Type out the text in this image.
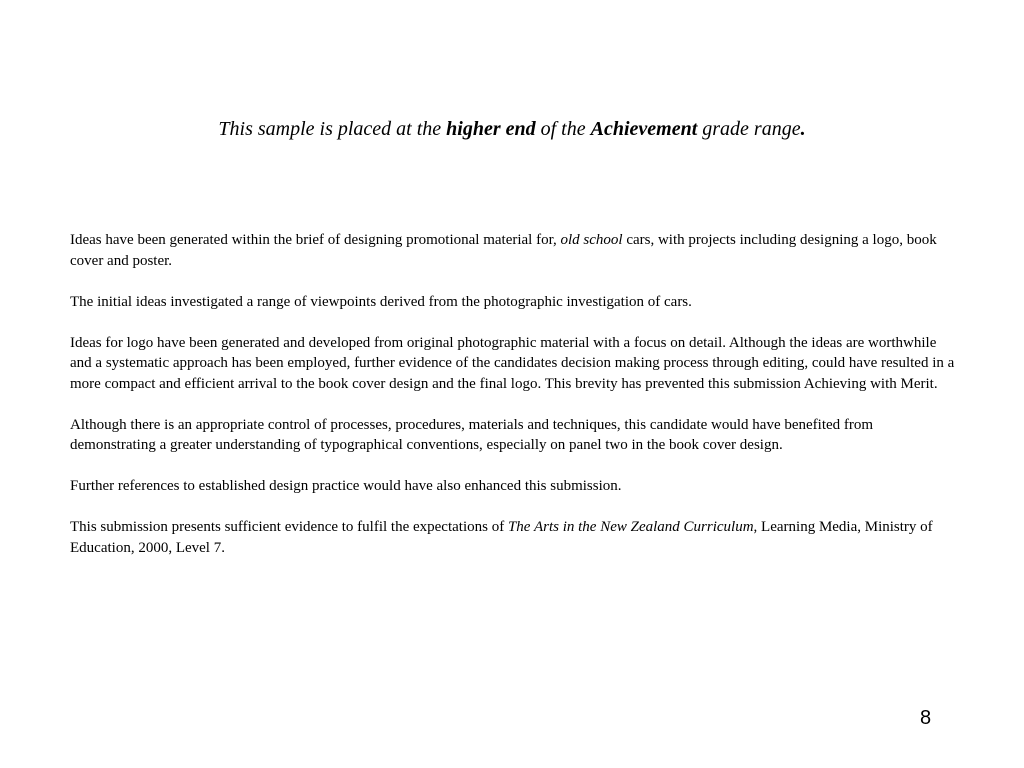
This sample is placed at the higher end of the Achievement grade range.

Ideas have been generated within the brief of designing promotional material for, old school cars, with projects including designing a logo, book cover and poster.

The initial ideas investigated a range of viewpoints derived from the photographic investigation of cars.

Ideas for logo have been generated and developed from original photographic material with a focus on detail. Although the ideas are worthwhile and a systematic approach has been employed, further evidence of the candidates decision making process through editing, could have resulted in a more compact and efficient arrival to the book cover design and the final logo. This brevity has prevented this submission Achieving with Merit.

Although there is an appropriate control of processes, procedures, materials and techniques, this candidate would have benefited from demonstrating a greater understanding of typographical conventions, especially on panel two in the book cover design.

Further references to established design practice would have also enhanced this submission.

This submission presents sufficient evidence to fulfil the expectations of The Arts in the New Zealand Curriculum, Learning Media, Ministry of Education, 2000, Level 7.

8
